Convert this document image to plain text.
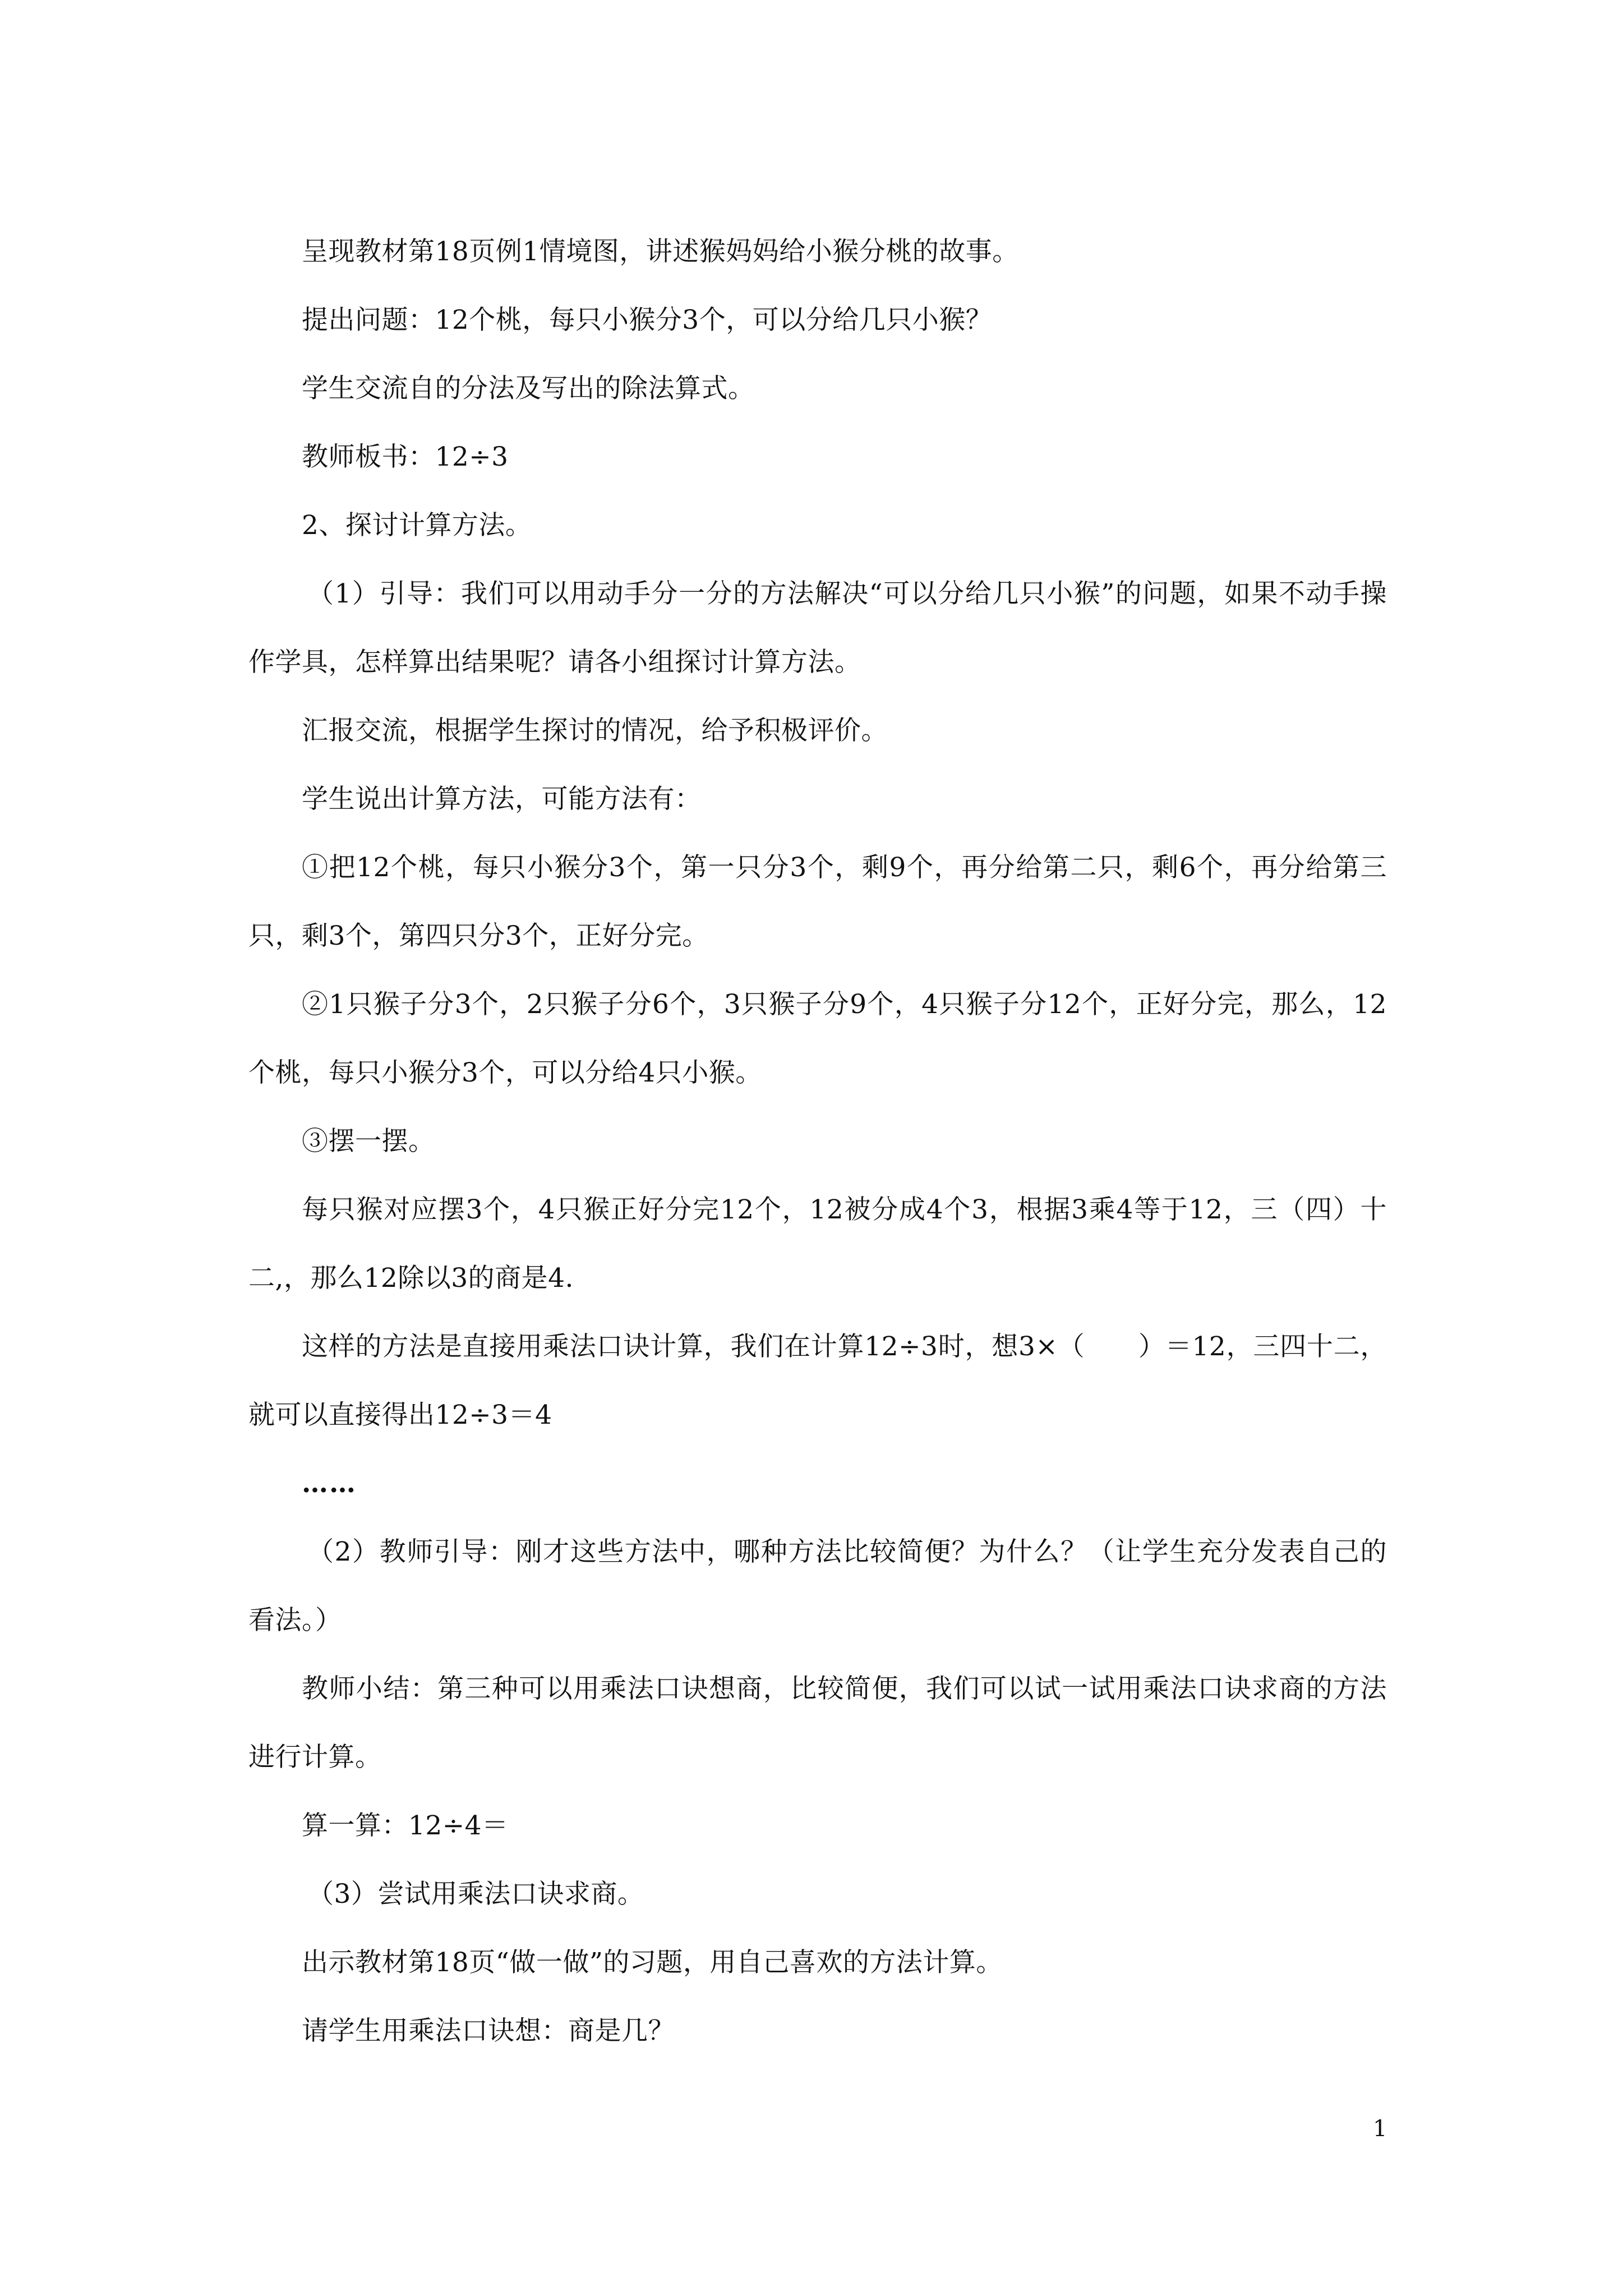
呈现教材第18页例1情境图，讲述猴妈妈给小猴分桃的故事。

提出问题：12个桃，每只小猴分3个，可以分给几只小猴？

学生交流自的分法及写出的除法算式。

教师板书：12÷3

2、探讨计算方法。

（1）引导：我们可以用动手分一分的方法解决“可以分给几只小猴”的问题，如果不动手操作学具，怎样算出结果呢？请各小组探讨计算方法。

汇报交流，根据学生探讨的情况，给予积极评价。

学生说出计算方法，可能方法有：

①把12个桃，每只小猴分3个，第一只分3个，剩9个，再分给第二只，剩6个，再分给第三只，剩3个，第四只分3个，正好分完。

②1只猴子分3个，2只猴子分6个，3只猴子分9个，4只猴子分12个，正好分完，那么，12个桃，每只小猴分3个，可以分给4只小猴。

③摆一摆。

每只猴对应摆3个，4只猴正好分完12个，12被分成4个3，根据3乘4等于12，三（四）十二,，那么12除以3的商是4.

这样的方法是直接用乘法口诀计算，我们在计算12÷3时，想3×（　　）＝12，三四十二，就可以直接得出12÷3＝4

……

（2）教师引导：刚才这些方法中，哪种方法比较简便？为什么？（让学生充分发表自己的看法。）

教师小结：第三种可以用乘法口诀想商，比较简便，我们可以试一试用乘法口诀求商的方法进行计算。

算一算：12÷4＝

（3）尝试用乘法口诀求商。

出示教材第18页“做一做”的习题，用自己喜欢的方法计算。

请学生用乘法口诀想：商是几？

1
